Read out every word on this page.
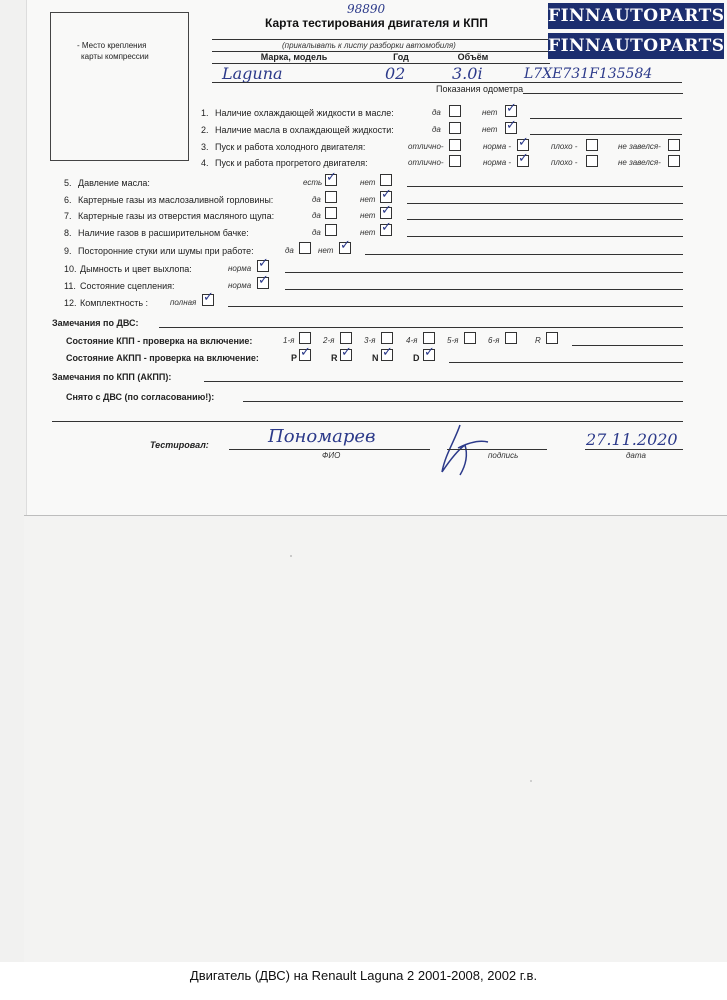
- Место крепления
карты компрессии
98890
Карта тестирования двигателя и КПП
(прикалывать к листу разборки автомобиля)
Марка, модель	Год	Объём
Laguna	02	3.0i	L7XE731F135584
Показания одометра
FINNAUTOPARTS
FINNAUTOPARTS
1. Наличие охлаждающей жидкости в масле:	да	нет ✓
2. Наличие масла в охлаждающей жидкости:	да	нет ✓
3. Пуск и работа холодного двигателя:	отлично-	норма - ✓	плохо -	не завелся-
4. Пуск и работа прогретого двигателя:	отлично-	норма - ✓	плохо -	не завелся-
5. Давление масла:	есть ✓	нет
6. Картерные газы из маслозаливной горловины:	да	нет ✓
7. Картерные газы из отверстия масляного щупа:	да	нет ✓
8. Наличие газов в расширительном бачке:	да	нет ✓
9. Посторонние стуки или шумы при работе:	да	нет ✓
10. Дымность и цвет выхлопа:	норма ✓
11. Состояние сцепления:	норма ✓
12. Комплектность :	полная ✓
Замечания по ДВС:
Состояние КПП - проверка на включение:	1-я	2-я	3-я	4-я	5-я	6-я	R
Состояние АКПП - проверка на включение:	P ✓ R ✓ N ✓ D ✓
Замечания по КПП (АКПП):
Снято с ДВС (по согласованию!):
Тестировал:	Пономарев
ФИО	подпись
27.11.2020
дата
Двигатель (ДВС) на Renault Laguna 2 2001-2008, 2002 г.в.
